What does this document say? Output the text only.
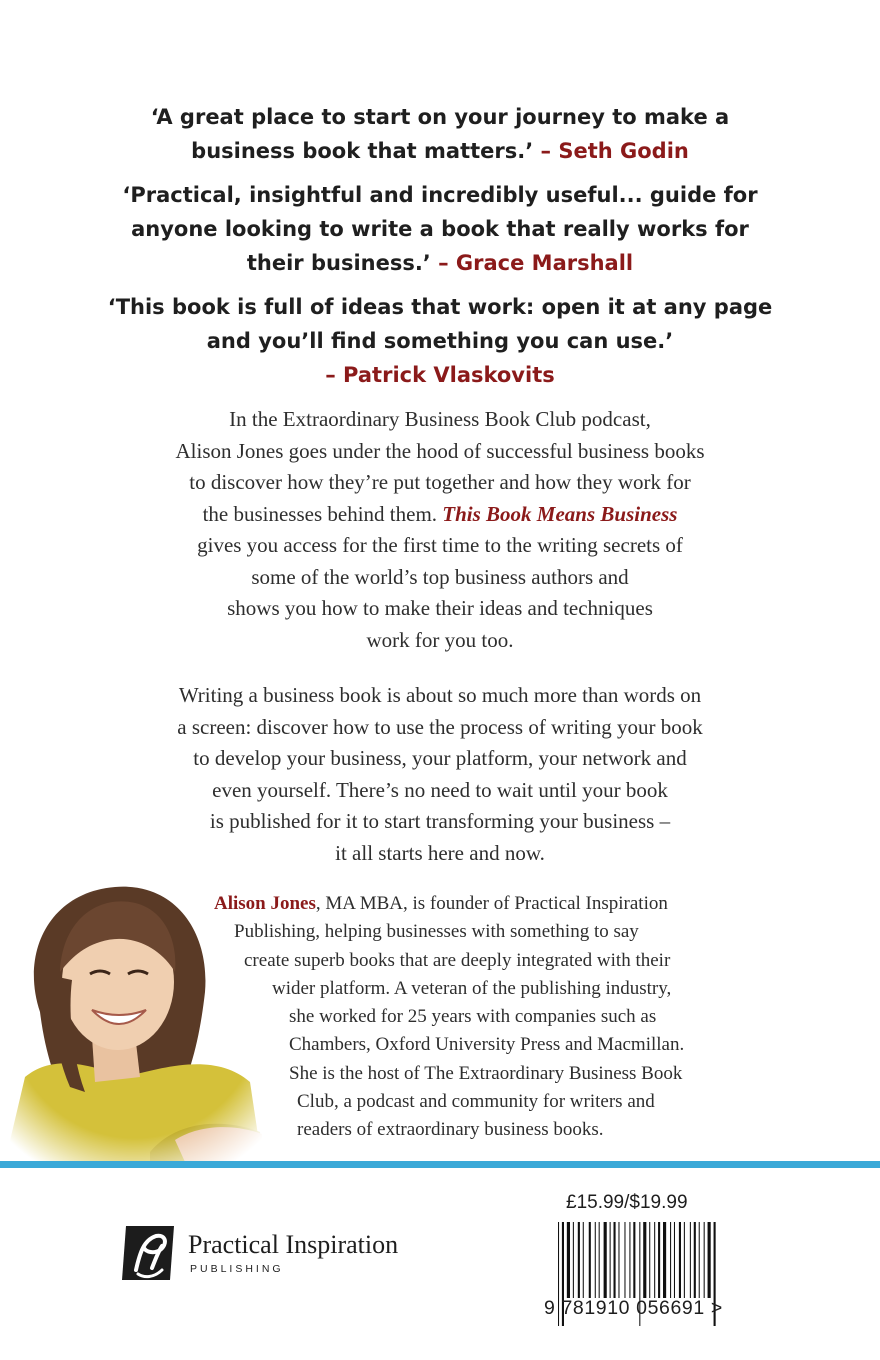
‘A great place to start on your journey to make a
business book that matters.’ – Seth Godin
‘Practical, insightful and incredibly useful... guide for
anyone looking to write a book that really works for
their business.’ – Grace Marshall
‘This book is full of ideas that work: open it at any page
and you’ll find something you can use.’
– Patrick Vlaskovits
In the Extraordinary Business Book Club podcast,
Alison Jones goes under the hood of successful business books
to discover how they’re put together and how they work for
the businesses behind them. This Book Means Business
gives you access for the first time to the writing secrets of
some of the world’s top business authors and
shows you how to make their ideas and techniques
work for you too.
Writing a business book is about so much more than words on
a screen: discover how to use the process of writing your book
to develop your business, your platform, your network and
even yourself. There’s no need to wait until your book
is published for it to start transforming your business –
it all starts here and now.
Alison Jones, MA MBA, is founder of Practical Inspiration
Publishing, helping businesses with something to say
create superb books that are deeply integrated with their
wider platform. A veteran of the publishing industry,
she worked for 25 years with companies such as
Chambers, Oxford University Press and Macmillan.
She is the host of The Extraordinary Business Book
Club, a podcast and community for writers and
readers of extraordinary business books.
Practical Inspiration
PUBLISHING
£15.99/$19.99
9 781910 056691 >
